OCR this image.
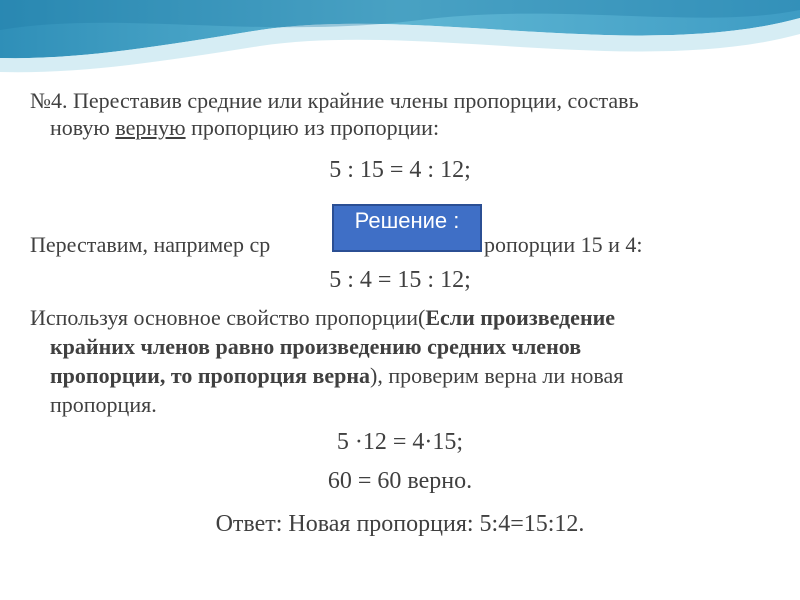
№4. Переставив средние или крайние члены пропорции, составь

новую верную пропорцию из пропорции:

5 : 15 = 4 : 12;

Переставим, например ср	ропорции 15 и 4:

Решение :

5 : 4 = 15 : 12;

Используя основное свойство пропорции(Если произведение

крайних членов равно произведению средних членов

пропорции, то пропорция верна), проверим верна ли новая

пропорция.

5 ·12 = 4·15;

60 = 60 верно.

Ответ: Новая пропорция: 5:4=15:12.
